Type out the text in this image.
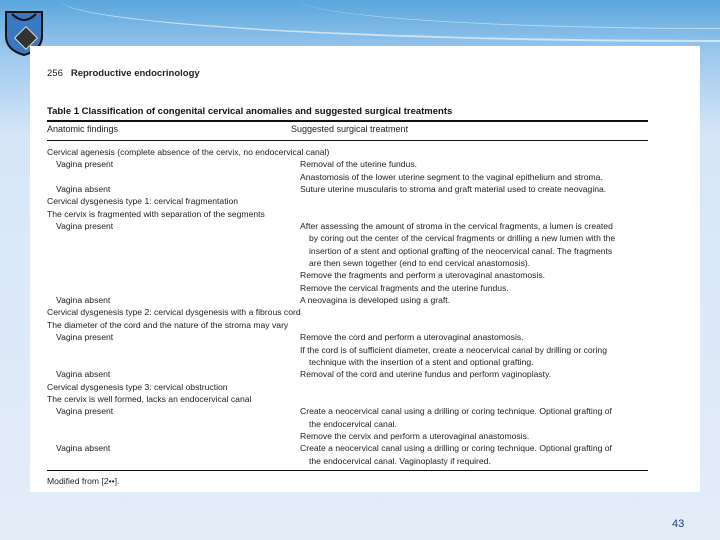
256 Reproductive endocrinology
Table 1 Classification of congenital cervical anomalies and suggested surgical treatments
Anatomic findings	Suggested surgical treatment
Cervical agenesis (complete absence of the cervix, no endocervical canal)
Vagina present	Removal of the uterine fundus.
Anastomosis of the lower uterine segment to the vaginal epithelium and stroma.
Vagina absent	Suture uterine muscularis to stroma and graft material used to create neovagina.
Cervical dysgenesis type 1: cervical fragmentation
The cervix is fragmented with separation of the segments
Vagina present	After assessing the amount of stroma in the cervical fragments, a lumen is created
by coring out the center of the cervical fragments or drilling a new lumen with the
insertion of a stent and optional grafting of the neocervical canal. The fragments
are then sewn together (end to end cervical anastomosis).
Remove the fragments and perform a uterovaginal anastomosis.
Remove the cervical fragments and the uterine fundus.
Vagina absent	A neovagina is developed using a graft.
Cervical dysgenesis type 2: cervical dysgenesis with a fibrous cord
The diameter of the cord and the nature of the stroma may vary
Vagina present	Remove the cord and perform a uterovaginal anastomosis.
If the cord is of sufficient diameter, create a neocervical canal by drilling or coring
technique with the insertion of a stent and optional grafting.
Vagina absent	Removal of the cord and uterine fundus and perform vaginoplasty.
Cervical dysgenesis type 3: cervical obstruction
The cervix is well formed, lacks an endocervical canal
Vagina present	Create a neocervical canal using a drilling or coring technique. Optional grafting of
the endocervical canal.
Remove the cervix and perform a uterovaginal anastomosis.
Vagina absent	Create a neocervical canal using a drilling or coring technique. Optional grafting of
the endocervical canal. Vaginoplasty if required.
Modified from [2••].
43
